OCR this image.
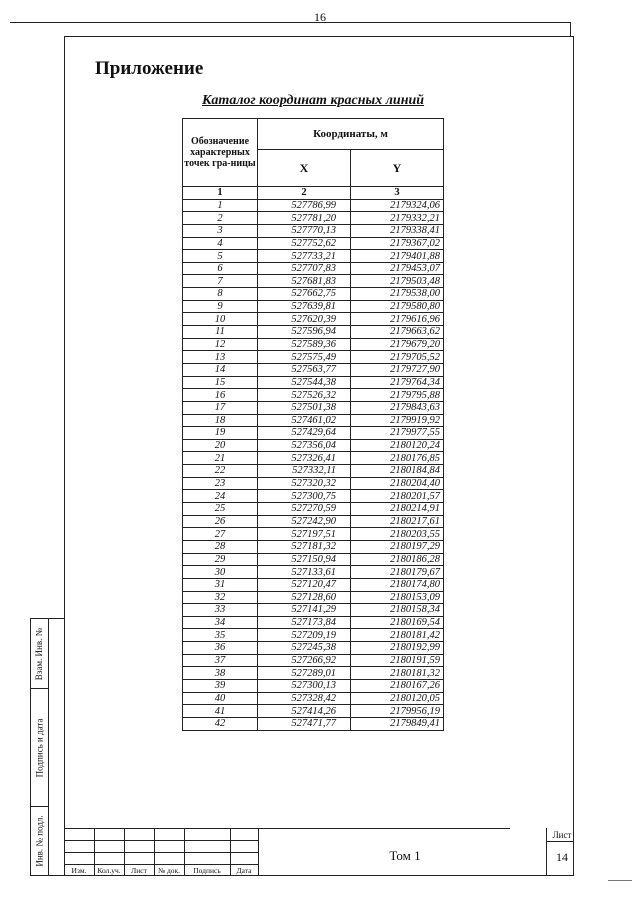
16
Взам. Инв. №
Подпись и дата
Инв. № подл.
Приложение
Каталог координат красных линий
Обозначение характерных точек гра-ницы	Координаты, м	
	X	Y
1	2	3
1	527786,99	2179324,06
2	527781,20	2179332,21
3	527770,13	2179338,41
4	527752,62	2179367,02
5	527733,21	2179401,88
6	527707,83	2179453,07
7	527681,83	2179503,48
8	527662,75	2179538,00
9	527639,81	2179580,80
10	527620,39	2179616,96
11	527596,94	2179663,62
12	527589,36	2179679,20
13	527575,49	2179705,52
14	527563,77	2179727,90
15	527544,38	2179764,34
16	527526,32	2179795,88
17	527501,38	2179843,63
18	527461,02	2179919,92
19	527429,64	2179977,55
20	527356,04	2180120,24
21	527326,41	2180176,85
22	527332,11	2180184,84
23	527320,32	2180204,40
24	527300,75	2180201,57
25	527270,59	2180214,91
26	527242,90	2180217,61
27	527197,51	2180203,55
28	527181,32	2180197,29
29	527150,94	2180186,28
30	527133,61	2180179,67
31	527120,47	2180174,80
32	527128,60	2180153,09
33	527141,29	2180158,34
34	527173,84	2180169,54
35	527209,19	2180181,42
36	527245,38	2180192,99
37	527266,92	2180191,59
38	527289,01	2180181,32
39	527300,13	2180167,26
40	527328,42	2180120,05
41	527414,26	2179956,19
42	527471,77	2179849,41
Изм.	Кол.уч.	Лист	№ док.	Подпись	Дата
Том 1
Лист
14
